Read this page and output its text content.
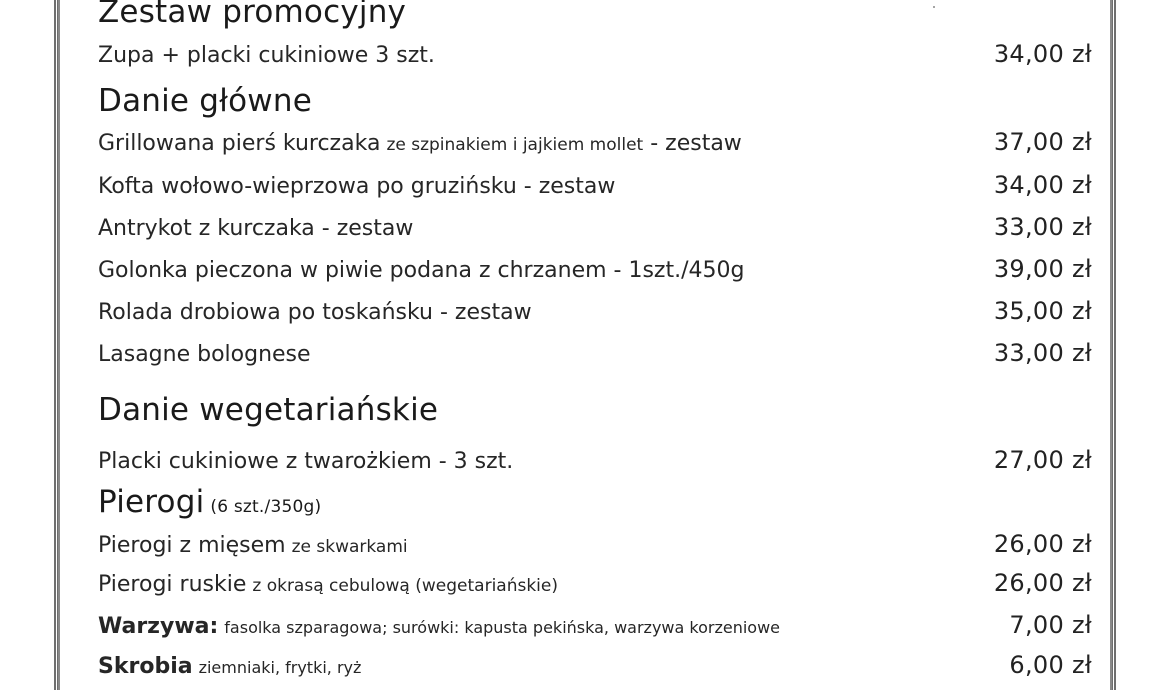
Zestaw promocyjny
Zupa + placki cukiniowe 3 szt.	34,00 zł
Danie główne
Grillowana pierś kurczaka ze szpinakiem i jajkiem mollet - zestaw	37,00 zł
Kofta wołowo-wieprzowa po gruzińsku - zestaw	34,00 zł
Antrykot z kurczaka - zestaw	33,00 zł
Golonka pieczona w piwie podana z chrzanem - 1szt./450g	39,00 zł
Rolada drobiowa po toskańsku - zestaw	35,00 zł
Lasagne bolognese	33,00 zł
Danie wegetariańskie
Placki cukiniowe z twarożkiem - 3 szt.	27,00 zł
Pierogi (6 szt./350g)
Pierogi z mięsem ze skwarkami	26,00 zł
Pierogi ruskie z okrasą cebulową (wegetariańskie)	26,00 zł
Warzywa: fasolka szparagowa; surówki: kapusta pekińska, warzywa korzeniowe	7,00 zł
Skrobia ziemniaki, frytki, ryż	6,00 zł
